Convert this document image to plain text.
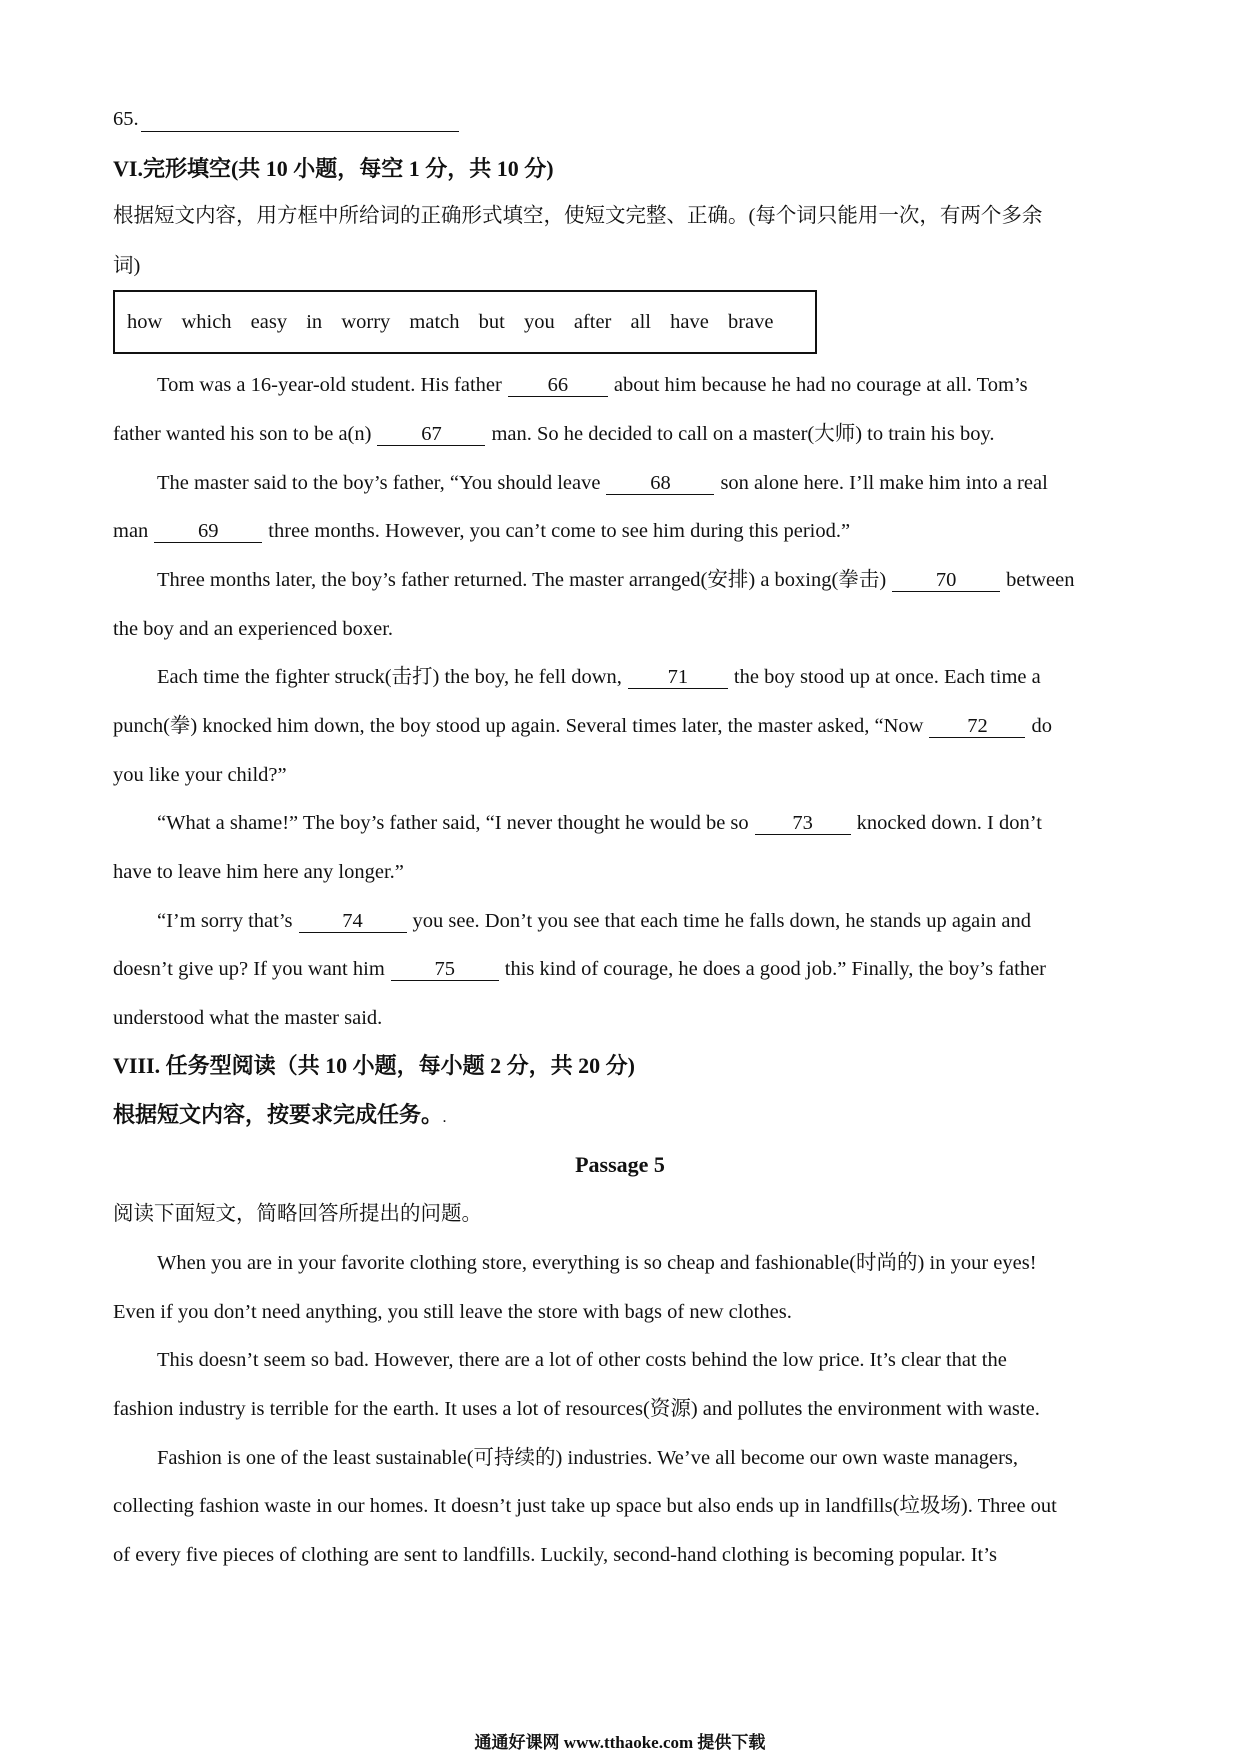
65.
VI.完形填空(共 10 小题，每空 1 分，共 10 分)
根据短文内容，用方框中所给词的正确形式填空，使短文完整、正确。(每个词只能用一次，有两个多余
词)
how which easy in worry match but you after all have brave
Tom was a 16-year-old student. His father 66 about him because he had no courage at all. Tom’s
father wanted his son to be a(n) 67 man. So he decided to call on a master(大师) to train his boy.
The master said to the boy’s father, “You should leave 68 son alone here. I’ll make him into a real
man 69 three months. However, you can’t come to see him during this period.”
Three months later, the boy’s father returned. The master arranged(安排) a boxing(拳击) 70 between
the boy and an experienced boxer.
Each time the fighter struck(击打) the boy, he fell down, 71 the boy stood up at once. Each time a
punch(拳) knocked him down, the boy stood up again. Several times later, the master asked, “Now 72 do
you like your child?”
“What a shame!” The boy’s father said, “I never thought he would be so 73 knocked down. I don’t
have to leave him here any longer.”
“I’m sorry that’s 74 you see. Don’t you see that each time he falls down, he stands up again and
doesn’t give up? If you want him 75 this kind of courage, he does a good job.” Finally, the boy’s father
understood what the master said.
VIII. 任务型阅读（共 10 小题，每小题 2 分，共 20 分)
根据短文内容，按要求完成任务。.
Passage 5
阅读下面短文，简略回答所提出的问题。
When you are in your favorite clothing store, everything is so cheap and fashionable(时尚的) in your eyes!
Even if you don’t need anything, you still leave the store with bags of new clothes.
This doesn’t seem so bad. However, there are a lot of other costs behind the low price. It’s clear that the
fashion industry is terrible for the earth. It uses a lot of resources(资源) and pollutes the environment with waste.
Fashion is one of the least sustainable(可持续的) industries. We’ve all become our own waste managers,
collecting fashion waste in our homes. It doesn’t just take up space but also ends up in landfills(垃圾场). Three out
of every five pieces of clothing are sent to landfills. Luckily, second-hand clothing is becoming popular. It’s
通通好课网 www.tthaoke.com 提供下载
